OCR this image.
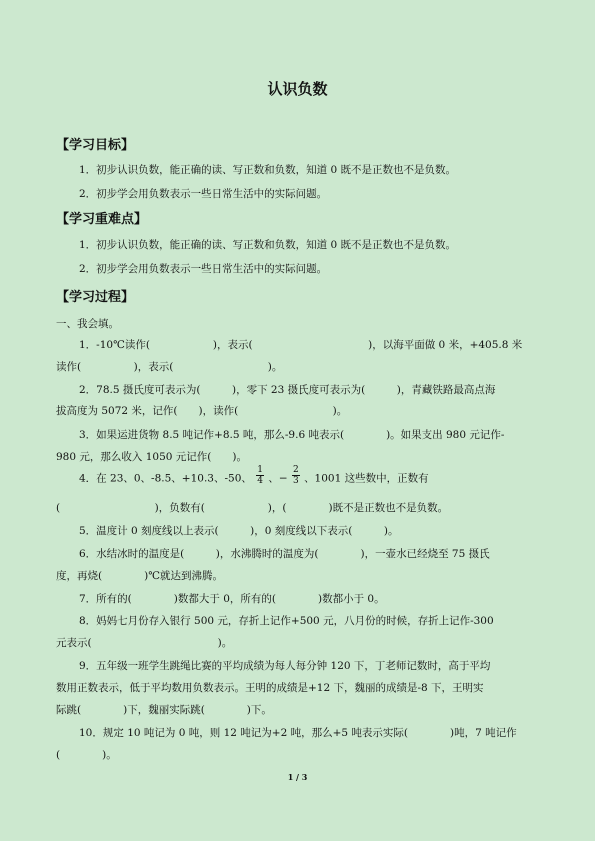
认识负数
【学习目标】
1．初步认识负数，能正确的读、写正数和负数，知道 0 既不是正数也不是负数。
2．初步学会用负数表示一些日常生活中的实际问题。
【学习重难点】
1．初步认识负数，能正确的读、写正数和负数，知道 0 既不是正数也不是负数。
2．初步学会用负数表示一些日常生活中的实际问题。
【学习过程】
一、我会填。
1．-10℃读作(　　　　　　)，表示(　　　　　　　　　　　)，以海平面做 0 米，+405.8 米
读作(　　　　　)，表示(　　　　　　　　　)。
2．78.5 摄氏度可表示为(　　　)，零下 23 摄氏度可表示为(　　　)，青藏铁路最高点海
拔高度为 5072 米，记作(　　)，读作(　　　　　　　　　)。
3．如果运进货物 8.5 吨记作+8.5 吨，那么-9.6 吨表示(　　　　)。如果支出 980 元记作-
980 元，那么收入 1050 元记作(　　)。
4．在 23、0、-8.5、+10.3、-50、 $\frac{1}{4}$ 、− $\frac{2}{3}$ 、1001 这些数中，正数有
(　　　　　　　　　)，负数有(　　　　　　)，(　　　　)既不是正数也不是负数。
5．温度计 0 刻度线以上表示(　　　)，0 刻度线以下表示(　　　)。
6．水结冰时的温度是(　　　)，水沸腾时的温度为(　　　　)，一壶水已经烧至 75 摄氏
度，再烧(　　　　)℃就达到沸腾。
7．所有的(　　　　)数都大于 0，所有的(　　　　)数都小于 0。
8．妈妈七月份存入银行 500 元，存折上记作+500 元，八月份的时候，存折上记作-300
元表示(　　　　　　　　　　　　)。
9．五年级一班学生跳绳比赛的平均成绩为每人每分钟 120 下，丁老师记数时，高于平均
数用正数表示，低于平均数用负数表示。王明的成绩是+12 下，魏丽的成绩是-8 下，王明实
际跳(　　　　)下，魏丽实际跳(　　　　)下。
10．规定 10 吨记为 0 吨，则 12 吨记为+2 吨，那么+5 吨表示实际(　　　　)吨，7 吨记作
(　　　　)。
1 / 3
